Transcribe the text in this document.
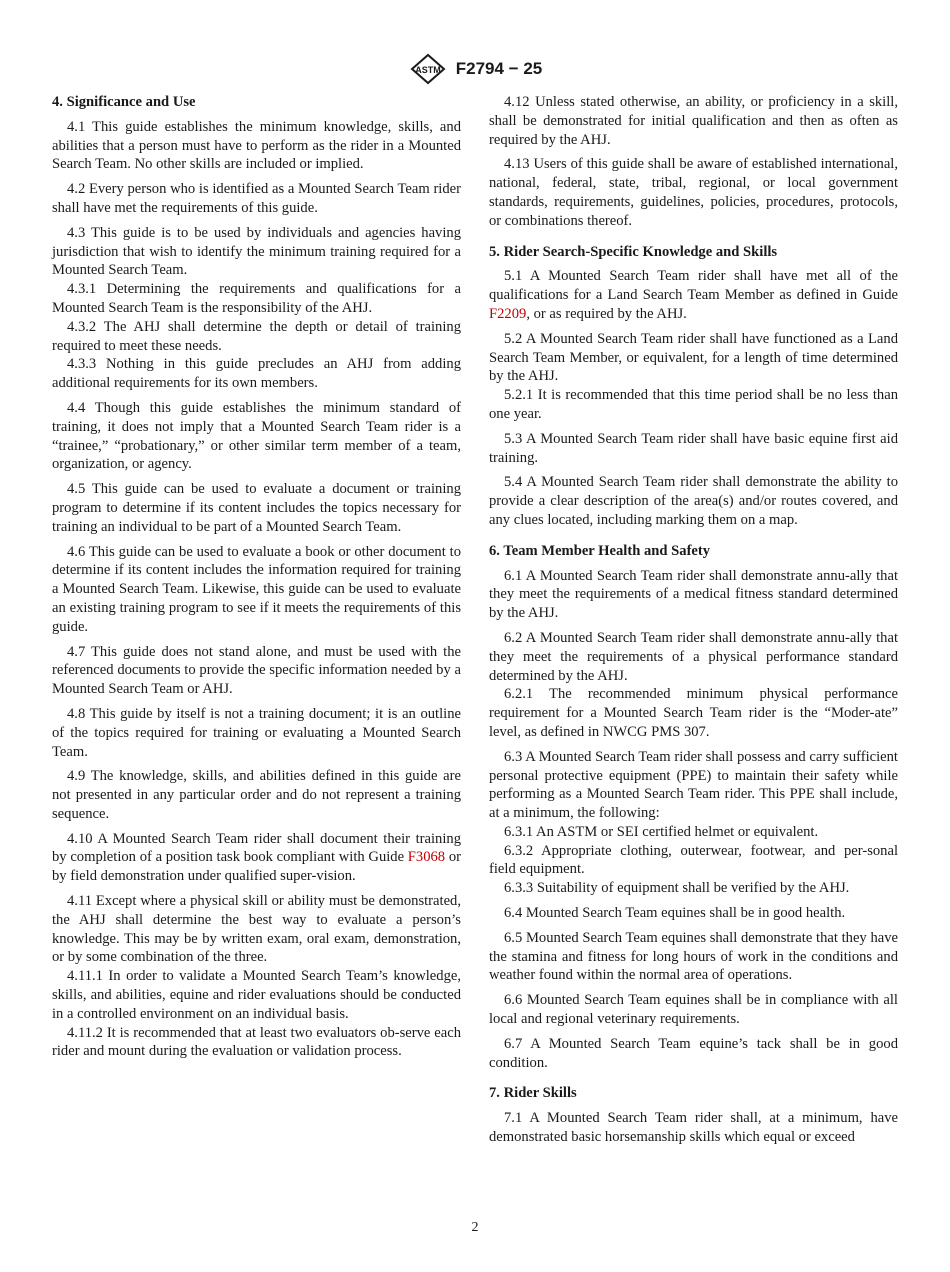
ASTM F2794 − 25
4. Significance and Use

4.1 This guide establishes the minimum knowledge, skills, and abilities that a person must have to perform as the rider in a Mounted Search Team. No other skills are included or implied.

4.2 Every person who is identified as a Mounted Search Team rider shall have met the requirements of this guide.

4.3 This guide is to be used by individuals and agencies having jurisdiction that wish to identify the minimum training required for a Mounted Search Team.

4.3.1 Determining the requirements and qualifications for a Mounted Search Team is the responsibility of the AHJ.

4.3.2 The AHJ shall determine the depth or detail of training required to meet these needs.

4.3.3 Nothing in this guide precludes an AHJ from adding additional requirements for its own members.

4.4 Though this guide establishes the minimum standard of training, it does not imply that a Mounted Search Team rider is a “trainee,” “probationary,” or other similar term member of a team, organization, or agency.

4.5 This guide can be used to evaluate a document or training program to determine if its content includes the topics necessary for training an individual to be part of a Mounted Search Team.

4.6 This guide can be used to evaluate a book or other document to determine if its content includes the information required for training a Mounted Search Team. Likewise, this guide can be used to evaluate an existing training program to see if it meets the requirements of this guide.

4.7 This guide does not stand alone, and must be used with the referenced documents to provide the specific information needed by a Mounted Search Team or AHJ.

4.8 This guide by itself is not a training document; it is an outline of the topics required for training or evaluating a Mounted Search Team.

4.9 The knowledge, skills, and abilities defined in this guide are not presented in any particular order and do not represent a training sequence.

4.10 A Mounted Search Team rider shall document their training by completion of a position task book compliant with Guide F3068 or by field demonstration under qualified super-vision.

4.11 Except where a physical skill or ability must be demonstrated, the AHJ shall determine the best way to evaluate a person’s knowledge. This may be by written exam, oral exam, demonstration, or by some combination of the three.

4.11.1 In order to validate a Mounted Search Team’s knowledge, skills, and abilities, equine and rider evaluations should be conducted in a controlled environment on an individual basis.

4.11.2 It is recommended that at least two evaluators ob-serve each rider and mount during the evaluation or validation process.

4.12 Unless stated otherwise, an ability, or proficiency in a skill, shall be demonstrated for initial qualification and then as often as required by the AHJ.

4.13 Users of this guide shall be aware of established international, national, federal, state, tribal, regional, or local government standards, requirements, guidelines, policies, procedures, protocols, or combinations thereof.

5. Rider Search-Specific Knowledge and Skills

5.1 A Mounted Search Team rider shall have met all of the qualifications for a Land Search Team Member as defined in Guide F2209, or as required by the AHJ.

5.2 A Mounted Search Team rider shall have functioned as a Land Search Team Member, or equivalent, for a length of time determined by the AHJ.

5.2.1 It is recommended that this time period shall be no less than one year.

5.3 A Mounted Search Team rider shall have basic equine first aid training.

5.4 A Mounted Search Team rider shall demonstrate the ability to provide a clear description of the area(s) and/or routes covered, and any clues located, including marking them on a map.

6. Team Member Health and Safety

6.1 A Mounted Search Team rider shall demonstrate annu-ally that they meet the requirements of a medical fitness standard determined by the AHJ.

6.2 A Mounted Search Team rider shall demonstrate annu-ally that they meet the requirements of a physical performance standard determined by the AHJ.

6.2.1 The recommended minimum physical performance requirement for a Mounted Search Team rider is the “Moder-ate” level, as defined in NWCG PMS 307.

6.3 A Mounted Search Team rider shall possess and carry sufficient personal protective equipment (PPE) to maintain their safety while performing as a Mounted Search Team rider. This PPE shall include, at a minimum, the following:

6.3.1 An ASTM or SEI certified helmet or equivalent.

6.3.2 Appropriate clothing, outerwear, footwear, and per-sonal field equipment.

6.3.3 Suitability of equipment shall be verified by the AHJ.

6.4 Mounted Search Team equines shall be in good health.

6.5 Mounted Search Team equines shall demonstrate that they have the stamina and fitness for long hours of work in the conditions and weather found within the normal area of operations.

6.6 Mounted Search Team equines shall be in compliance with all local and regional veterinary requirements.

6.7 A Mounted Search Team equine’s tack shall be in good condition.

7. Rider Skills

7.1 A Mounted Search Team rider shall, at a minimum, have demonstrated basic horsemanship skills which equal or exceed

2
